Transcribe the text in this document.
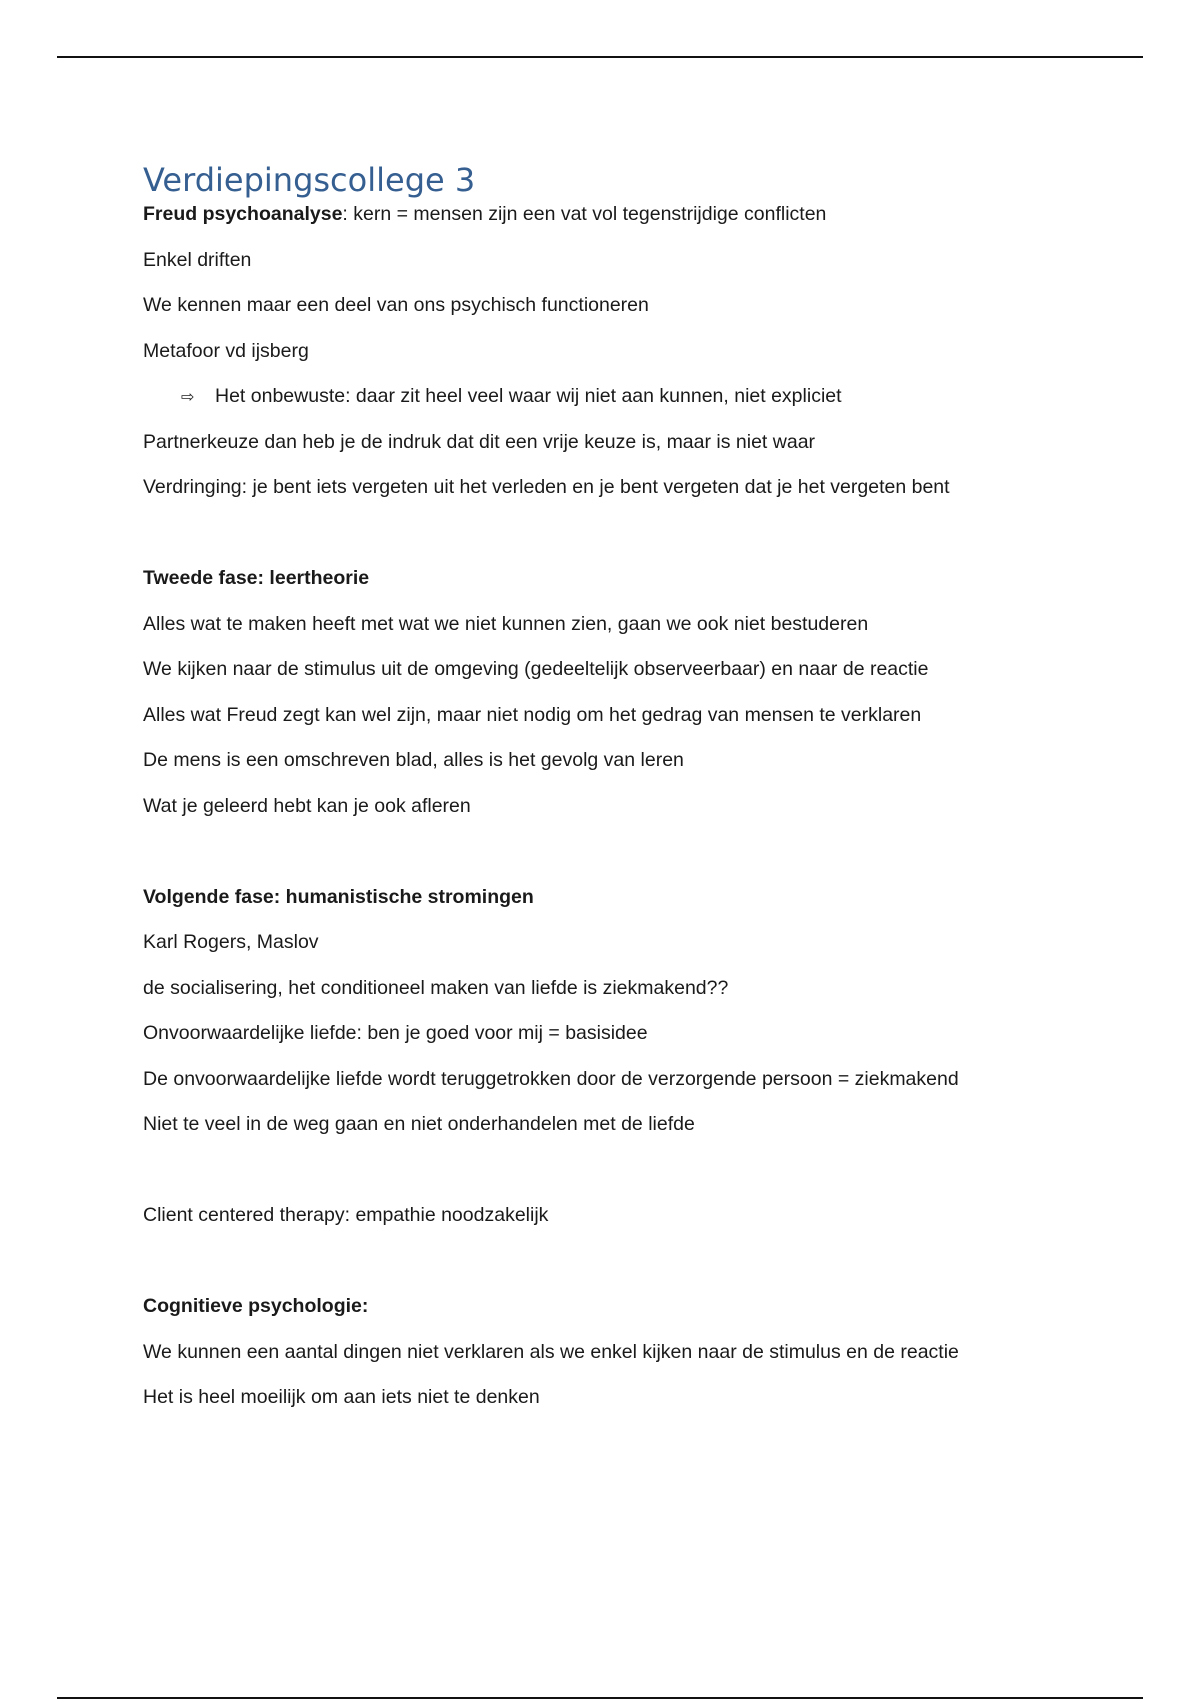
Verdiepingscollege 3
Freud psychoanalyse: kern = mensen zijn een vat vol tegenstrijdige conflicten
Enkel driften
We kennen maar een deel van ons psychisch functioneren
Metafoor vd ijsberg
⇨ Het onbewuste: daar zit heel veel waar wij niet aan kunnen, niet expliciet
Partnerkeuze dan heb je de indruk dat dit een vrije keuze is, maar is niet waar
Verdringing: je bent iets vergeten uit het verleden en je bent vergeten dat je het vergeten bent
Tweede fase: leertheorie
Alles wat te maken heeft met wat we niet kunnen zien, gaan we ook niet bestuderen
We kijken naar de stimulus uit de omgeving (gedeeltelijk observeerbaar) en naar de reactie
Alles wat Freud zegt kan wel zijn, maar niet nodig om het gedrag van mensen te verklaren
De mens is een omschreven blad, alles is het gevolg van leren
Wat je geleerd hebt kan je ook afleren
Volgende fase: humanistische stromingen
Karl Rogers, Maslov
de socialisering, het conditioneel maken van liefde is ziekmakend??
Onvoorwaardelijke liefde: ben je goed voor mij = basisidee
De onvoorwaardelijke liefde wordt teruggetrokken door de verzorgende persoon = ziekmakend
Niet te veel in de weg gaan en niet onderhandelen met de liefde
Client centered therapy: empathie noodzakelijk
Cognitieve psychologie:
We kunnen een aantal dingen niet verklaren als we enkel kijken naar de stimulus en de reactie
Het is heel moeilijk om aan iets niet te denken
